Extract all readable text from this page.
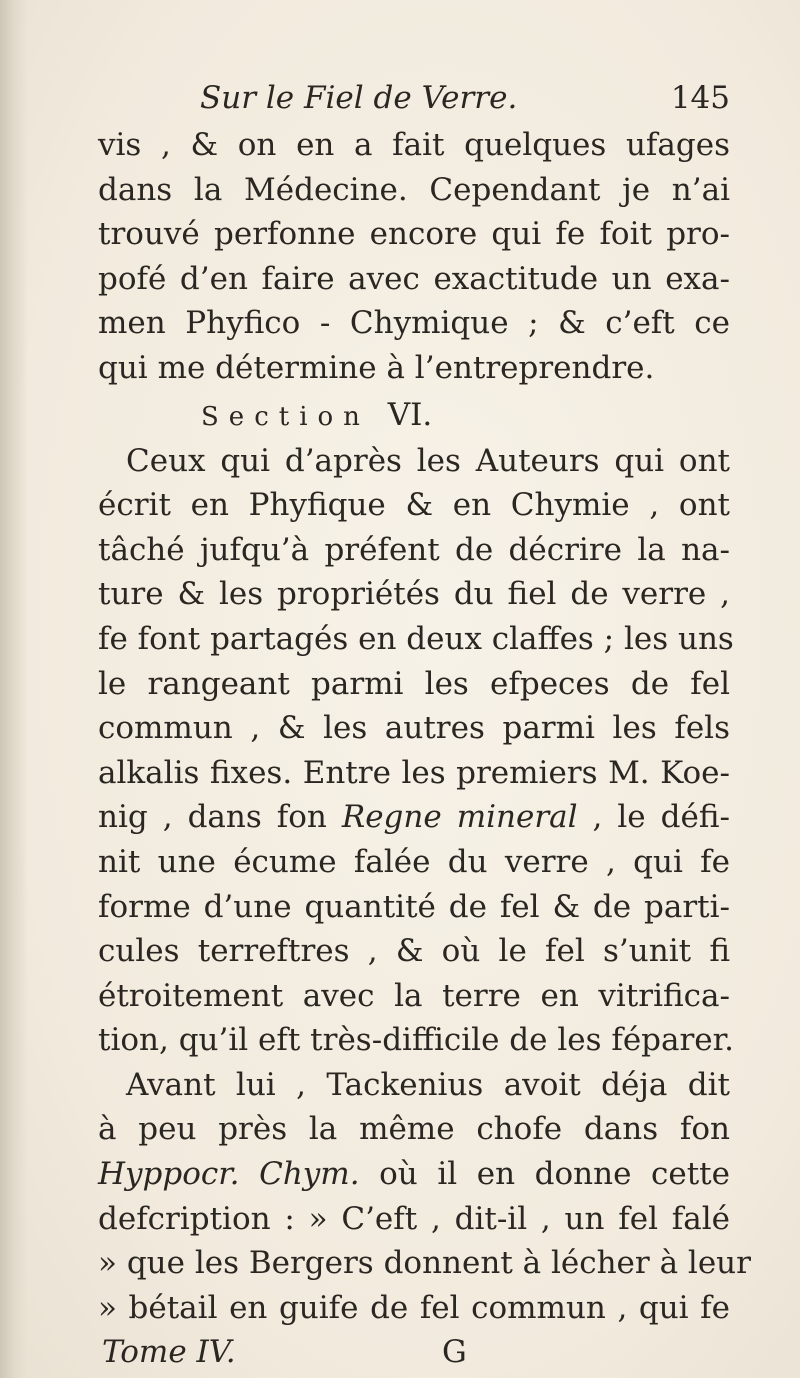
Sur le Fiel de Verre.	145
vis , & on en a fait quelques ufages
dans la Médecine. Cependant je n’ai
trouvé perfonne encore qui fe foit pro-
pofé d’en faire avec exactitude un exa-
men Phyfico - Chymique ; & c’eft ce
qui me détermine à l’entreprendre.
Section VI.
Ceux qui d’après les Auteurs qui ont
écrit en Phyfique & en Chymie , ont
tâché jufqu’à préfent de décrire la na-
ture & les propriétés du fiel de verre ,
fe font partagés en deux claffes ; les uns
le rangeant parmi les efpeces de fel
commun , & les autres parmi les fels
alkalis fixes. Entre les premiers M. Koe-
nig , dans fon Regne mineral , le défi-
nit une écume falée du verre , qui fe
forme d’une quantité de fel & de parti-
cules terreftres , & où le fel s’unit fi
étroitement avec la terre en vitrifica-
tion, qu’il eft très-difficile de les féparer.
Avant lui , Tackenius avoit déja dit
à peu près la même chofe dans fon
Hyppocr. Chym. où il en donne cette
defcription : » C’eft , dit-il , un fel falé
» que les Bergers donnent à lécher à leur
» bétail en guife de fel commun , qui fe
Tome IV.	G
